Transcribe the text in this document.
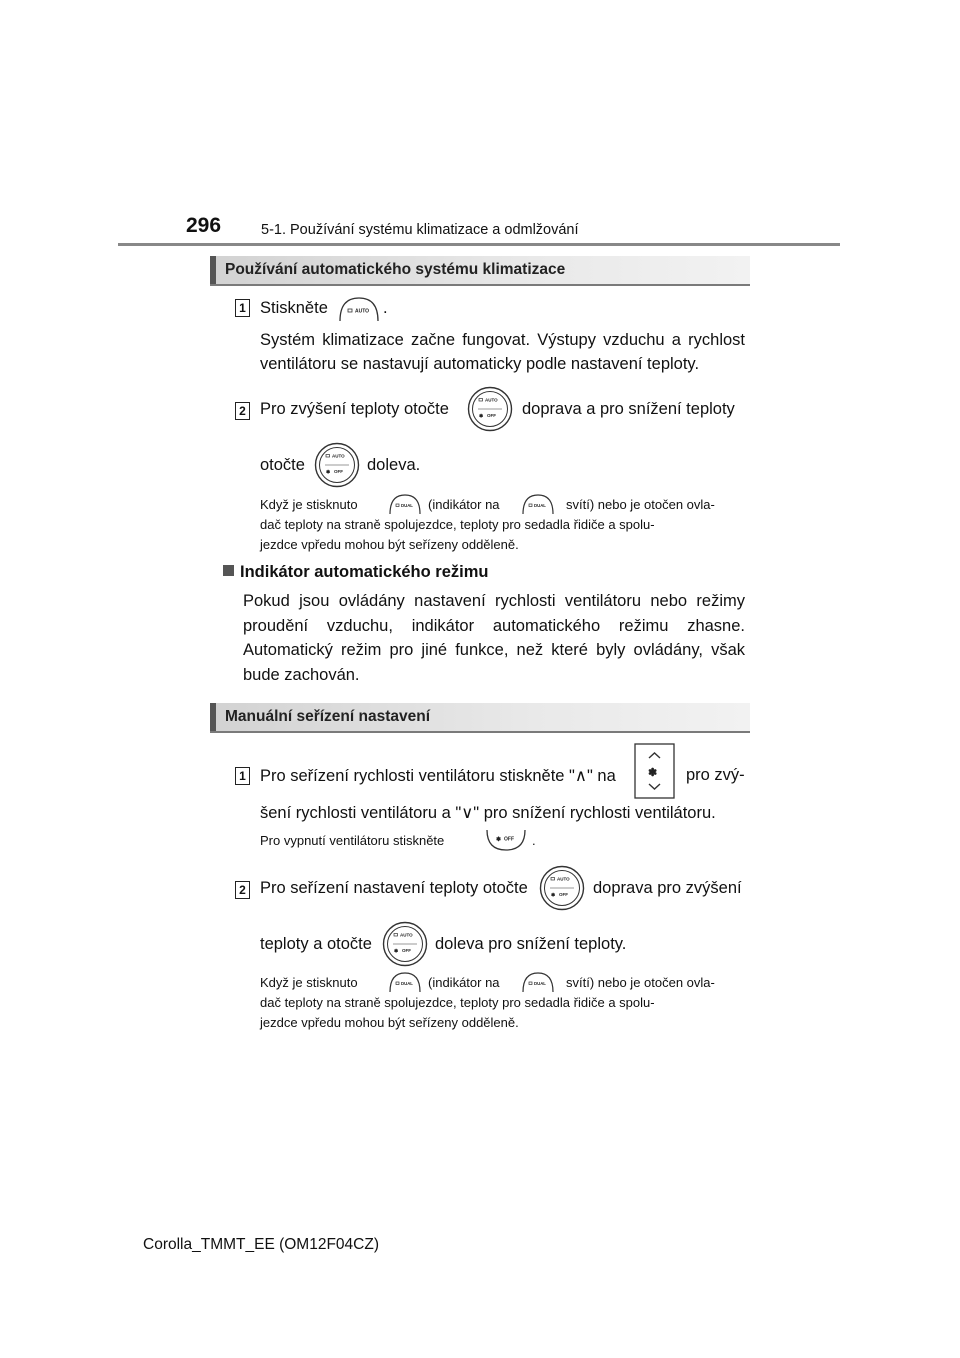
296	5-1. Používání systému klimatizace a odmlžování
Používání automatického systému klimatizace
1 Stiskněte	AUTO .
Systém klimatizace začne fungovat. Výstupy vzduchu a rychlost ventilátoru se nastavují automaticky podle nastavení teploty.
2 Pro zvýšení teploty otočte	AUTO
✽ OFF doprava a pro snížení teploty
otočte	AUTO
✽ OFF doleva.
Když je stisknuto	DUAL (indikátor na	DUAL svítí) nebo je otočen ovla-
dač teploty na straně spolujezdce, teploty pro sedadla řidiče a spolu-
jezdce vpředu mohou být seřízeny odděleně.
Indikátor automatického režimu
Pokud jsou ovládány nastavení rychlosti ventilátoru nebo režimy proudění vzduchu, indikátor automatického režimu zhasne. Automatický režim pro jiné funkce, než které byly ovládány, však bude zachován.
Manuální seřízení nastavení
1 Pro seřízení rychlosti ventilátoru stiskněte "∧" na	✽ pro zvý-
šení rychlosti ventilátoru a "∨" pro snížení rychlosti ventilátoru.
Pro vypnutí ventilátoru stiskněte	✽ OFF .
2 Pro seřízení nastavení teploty otočte	AUTO
✽ OFF doprava pro zvýšení
teploty a otočte	AUTO
✽ OFF doleva pro snížení teploty.
Když je stisknuto	DUAL (indikátor na	DUAL svítí) nebo je otočen ovla-
dač teploty na straně spolujezdce, teploty pro sedadla řidiče a spolu-
jezdce vpředu mohou být seřízeny odděleně.
Corolla_TMMT_EE (OM12F04CZ)
